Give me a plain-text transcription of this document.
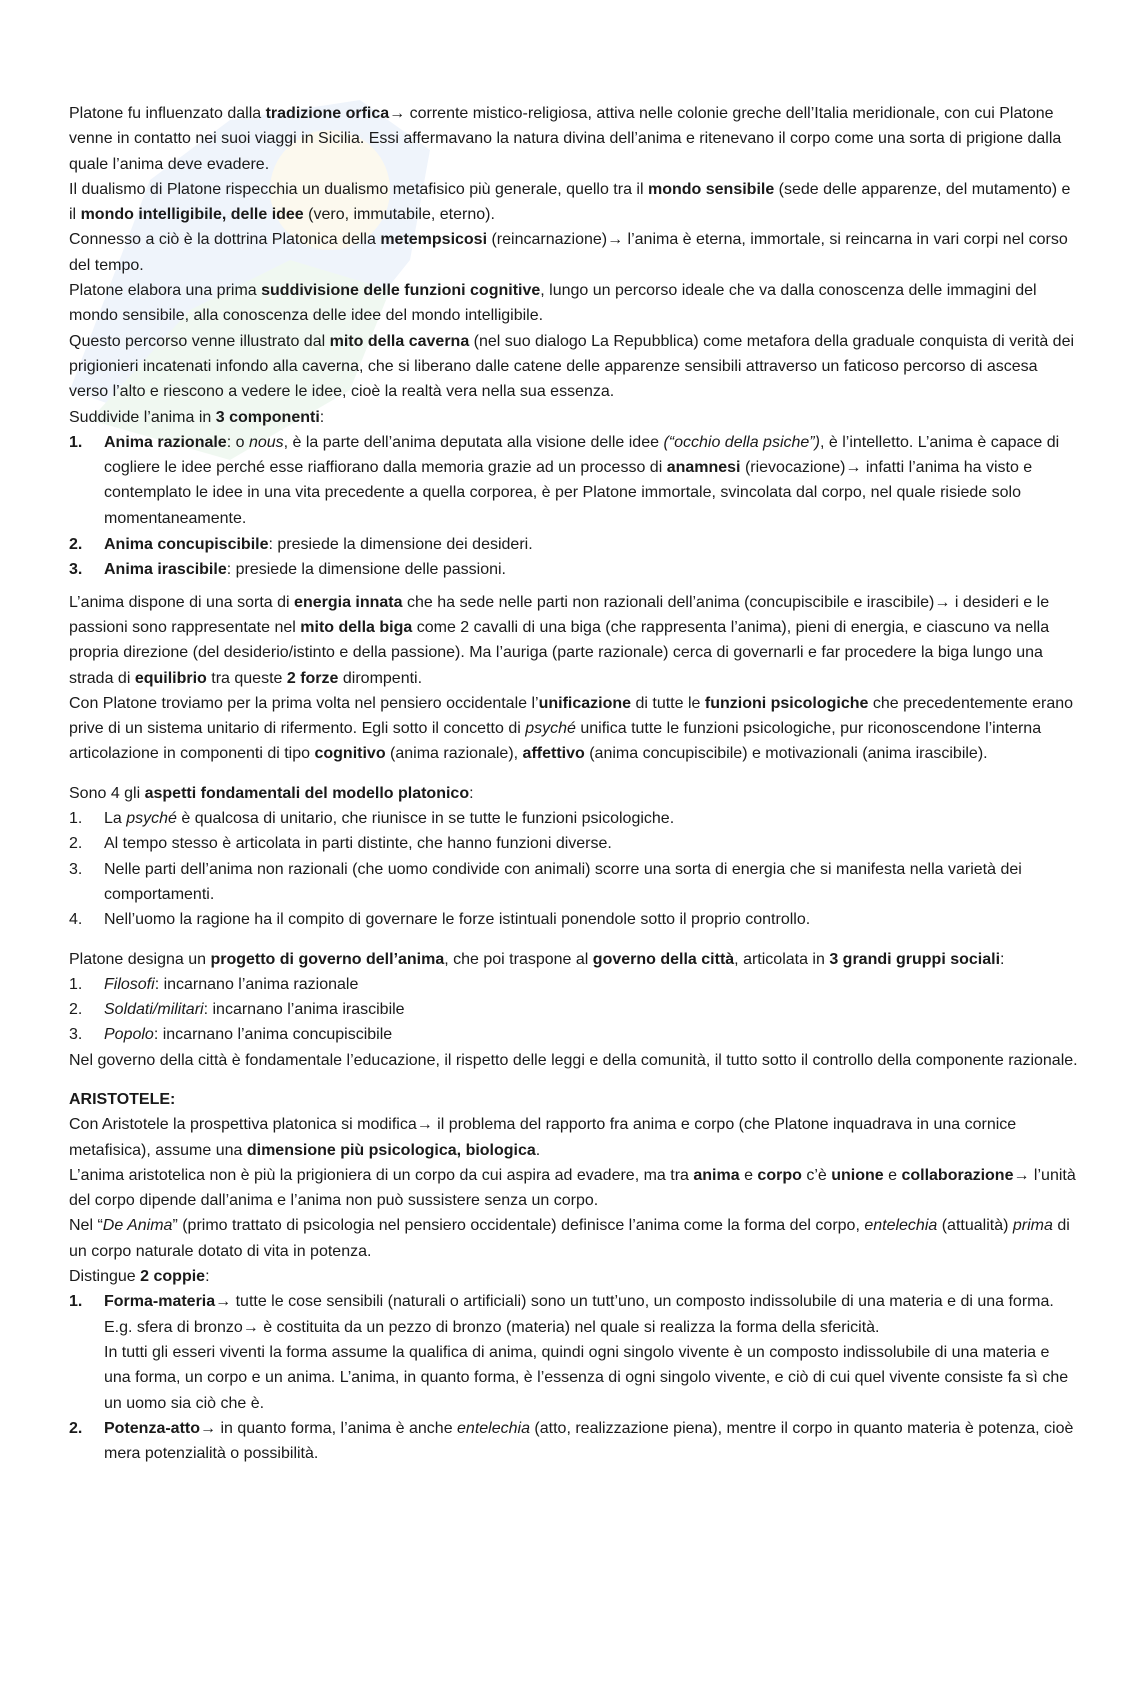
Platone fu influenzato dalla tradizione orfica→ corrente mistico-religiosa, attiva nelle colonie greche dell’Italia meridionale, con cui Platone venne in contatto nei suoi viaggi in Sicilia. Essi affermavano la natura divina dell’anima e ritenevano il corpo come una sorta di prigione dalla quale l’anima deve evadere.

Il dualismo di Platone rispecchia un dualismo metafisico più generale, quello tra il mondo sensibile (sede delle apparenze, del mutamento) e il mondo intelligibile, delle idee (vero, immutabile, eterno).

Connesso a ciò è la dottrina Platonica della metempsicosi (reincarnazione)→ l’anima è eterna, immortale, si reincarna in vari corpi nel corso del tempo.

Platone elabora una prima suddivisione delle funzioni cognitive, lungo un percorso ideale che va dalla conoscenza delle immagini del mondo sensibile, alla conoscenza delle idee del mondo intelligibile.

Questo percorso venne illustrato dal mito della caverna (nel suo dialogo La Repubblica) come metafora della graduale conquista di verità dei prigionieri incatenati infondo alla caverna, che si liberano dalle catene delle apparenze sensibili attraverso un faticoso percorso di ascesa verso l’alto e riescono a vedere le idee, cioè la realtà vera nella sua essenza.

Suddivide l’anima in 3 componenti:

1. Anima razionale: o nous, è la parte dell’anima deputata alla visione delle idee (“occhio della psiche”), è l’intelletto. L’anima è capace di cogliere le idee perché esse riaffiorano dalla memoria grazie ad un processo di anamnesi (rievocazione)→ infatti l’anima ha visto e contemplato le idee in una vita precedente a quella corporea, è per Platone immortale, svincolata dal corpo, nel quale risiede solo momentaneamente.
2. Anima concupiscibile: presiede la dimensione dei desideri.
3. Anima irascibile: presiede la dimensione delle passioni.

L’anima dispone di una sorta di energia innata che ha sede nelle parti non razionali dell’anima (concupiscibile e irascibile)→ i desideri e le passioni sono rappresentate nel mito della biga come 2 cavalli di una biga (che rappresenta l’anima), pieni di energia, e ciascuno va nella propria direzione (del desiderio/istinto e della passione). Ma l’auriga (parte razionale) cerca di governarli e far procedere la biga lungo una strada di equilibrio tra queste 2 forze dirompenti.

Con Platone troviamo per la prima volta nel pensiero occidentale l’unificazione di tutte le funzioni psicologiche che precedentemente erano prive di un sistema unitario di rifermento. Egli sotto il concetto di psyché unifica tutte le funzioni psicologiche, pur riconoscendone l’interna articolazione in componenti di tipo cognitivo (anima razionale), affettivo (anima concupiscibile) e motivazionali (anima irascibile).

Sono 4 gli aspetti fondamentali del modello platonico:

1. La psyché è qualcosa di unitario, che riunisce in se tutte le funzioni psicologiche.
2. Al tempo stesso è articolata in parti distinte, che hanno funzioni diverse.
3. Nelle parti dell’anima non razionali (che uomo condivide con animali) scorre una sorta di energia che si manifesta nella varietà dei comportamenti.
4. Nell’uomo la ragione ha il compito di governare le forze istintuali ponendole sotto il proprio controllo.

Platone designa un progetto di governo dell’anima, che poi traspone al governo della città, articolata in 3 grandi gruppi sociali:

1. Filosofi: incarnano l’anima razionale
2. Soldati/militari: incarnano l’anima irascibile
3. Popolo: incarnano l’anima concupiscibile

Nel governo della città è fondamentale l’educazione, il rispetto delle leggi e della comunità, il tutto sotto il controllo della componente razionale.

ARISTOTELE:

Con Aristotele la prospettiva platonica si modifica→ il problema del rapporto fra anima e corpo (che Platone inquadrava in una cornice metafisica), assume una dimensione più psicologica, biologica.

L’anima aristotelica non è più la prigioniera di un corpo da cui aspira ad evadere, ma tra anima e corpo c’è unione e collaborazione→ l’unità del corpo dipende dall’anima e l’anima non può sussistere senza un corpo.

Nel “De Anima” (primo trattato di psicologia nel pensiero occidentale) definisce l’anima come la forma del corpo, entelechia (attualità) prima di un corpo naturale dotato di vita in potenza.

Distingue 2 coppie:

1. Forma-materia→ tutte le cose sensibili (naturali o artificiali) sono un tutt’uno, un composto indissolubile di una materia e di una forma.
E.g. sfera di bronzo→ è costituita da un pezzo di bronzo (materia) nel quale si realizza la forma della sfericità.
In tutti gli esseri viventi la forma assume la qualifica di anima, quindi ogni singolo vivente è un composto indissolubile di una materia e una forma, un corpo e un anima. L’anima, in quanto forma, è l’essenza di ogni singolo vivente, e ciò di cui quel vivente consiste fa sì che un uomo sia ciò che è.
2. Potenza-atto→ in quanto forma, l’anima è anche entelechia (atto, realizzazione piena), mentre il corpo in quanto materia è potenza, cioè mera potenzialità o possibilità.
